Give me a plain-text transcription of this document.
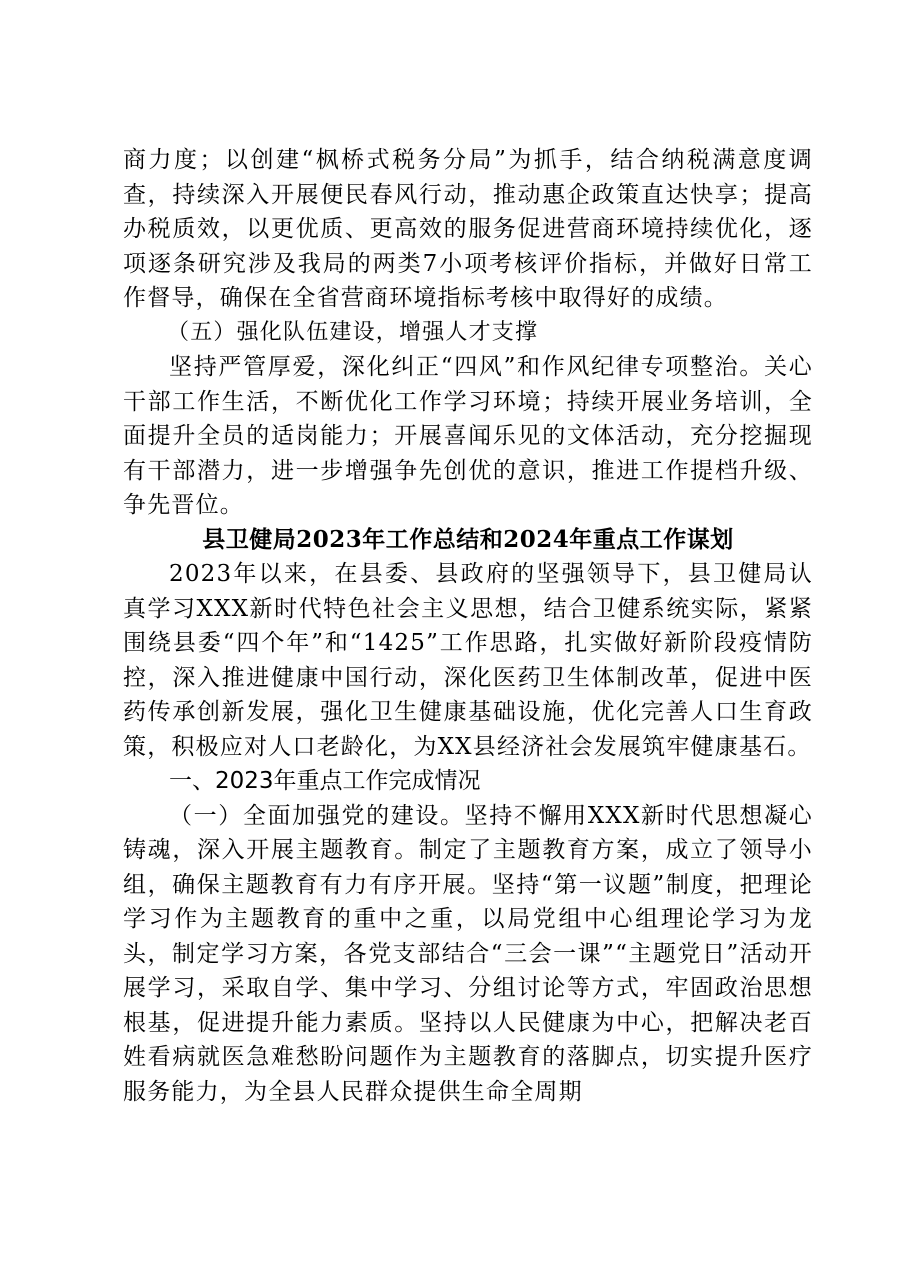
商力度；以创建“枫桥式税务分局”为抓手，结合纳税满意度调查，持续深入开展便民春风行动，推动惠企政策直达快享；提高办税质效，以更优质、更高效的服务促进营商环境持续优化，逐项逐条研究涉及我局的两类7小项考核评价指标，并做好日常工作督导，确保在全省营商环境指标考核中取得好的成绩。

（五）强化队伍建设，增强人才支撑

坚持严管厚爱，深化纠正“四风”和作风纪律专项整治。关心干部工作生活，不断优化工作学习环境；持续开展业务培训，全面提升全员的适岗能力；开展喜闻乐见的文体活动，充分挖掘现有干部潜力，进一步增强争先创优的意识，推进工作提档升级、争先晋位。

县卫健局2023年工作总结和2024年重点工作谋划

2023年以来，在县委、县政府的坚强领导下，县卫健局认真学习XXX新时代特色社会主义思想，结合卫健系统实际，紧紧围绕县委“四个年”和“1425”工作思路，扎实做好新阶段疫情防控，深入推进健康中国行动，深化医药卫生体制改革，促进中医药传承创新发展，强化卫生健康基础设施，优化完善人口生育政策，积极应对人口老龄化，为XX县经济社会发展筑牢健康基石。

一、2023年重点工作完成情况

（一）全面加强党的建设。坚持不懈用XXX新时代思想凝心铸魂，深入开展主题教育。制定了主题教育方案，成立了领导小组，确保主题教育有力有序开展。坚持“第一议题”制度，把理论学习作为主题教育的重中之重，以局党组中心组理论学习为龙头，制定学习方案，各党支部结合“三会一课”“主题党日”活动开展学习，采取自学、集中学习、分组讨论等方式，牢固政治思想根基，促进提升能力素质。坚持以人民健康为中心，把解决老百姓看病就医急难愁盼问题作为主题教育的落脚点，切实提升医疗服务能力，为全县人民群众提供生命全周期
